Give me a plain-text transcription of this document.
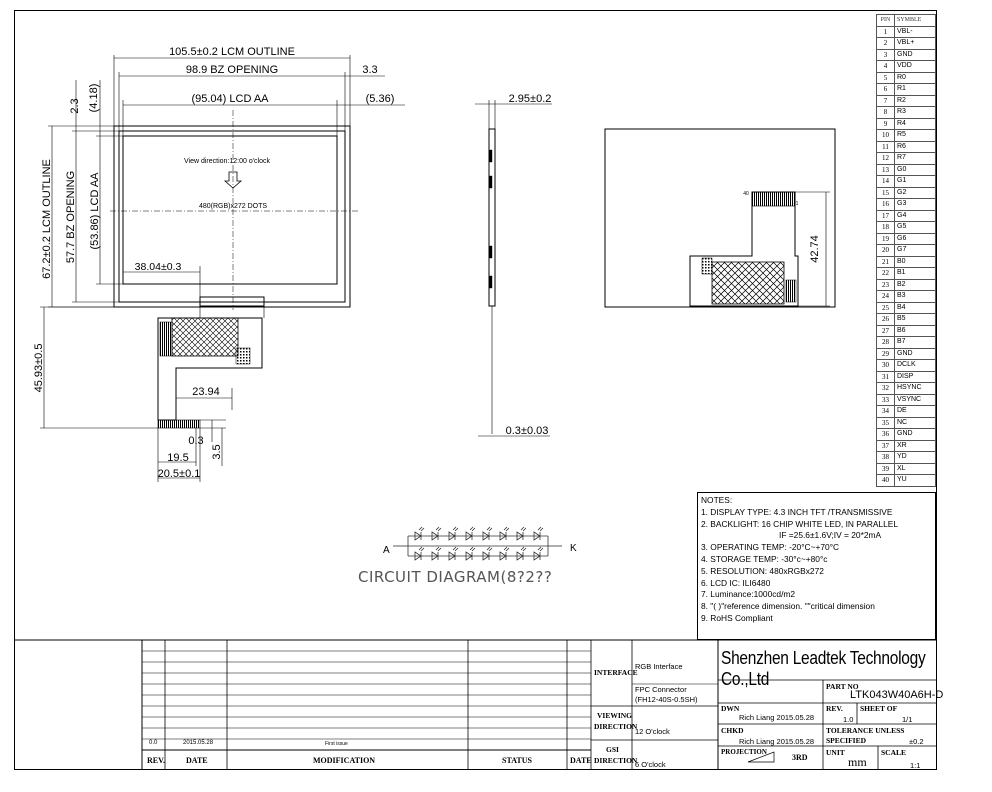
105.5±0.2 LCM OUTLINE
98.9 BZ OPENING	3.3
(95.04) LCD AA	(5.36)
2.3 (4.18)
67.2±0.2 LCM OUTLINE 57.7 BZ OPENING (53.86) LCD AA
38.04±0.3
View direction:12:00 o'clock
480(RGB)x272 DOTS
45.93±0.5	23.94
0.3
3.5
19.5
20.5±0.1
2.95±0.2
0.3±0.03
42.74
40
1
A	K
PIN	SYMBLE
1	VBL-
2	VBL+
3	GND
4	VDD
5	R0
6	R1
7	R2
8	R3
9	R4
10	R5
11	R6
12	R7
13	G0
14	G1
15	G2
16	G3
17	G4
18	G5
19	G6
20	G7
21	B0
22	B1
23	B2
24	B3
25	B4
26	B5
27	B6
28	B7
29	GND
30	DCLK
31	DISP
32	HSYNC
33	VSYNC
34	DE
35	NC
36	GND
37	XR
38	YD
39	XL
40	YU
NOTES:
1. DISPLAY TYPE: 4.3 INCH TFT /TRANSMISSIVE
2. BACKLIGHT: 16 CHIP WHITE LED, IN PARALLEL
IF =25.6±1.6V;IV = 20*2mA
3. OPERATING TEMP: -20°C~+70°C
4. STORAGE TEMP: -30°c~+80°c
5. RESOLUTION: 480xRGBx272
6. LCD IC: ILI6480
7. Luminance:1000cd/m2
8. "( )"reference dimension. ""critical dimension
9. RoHS Compliant
CIRCUIT DIAGRAM(8?2??
0.0	2015.05.28	First issue
REV.	DATE	MODIFICATION	STATUS	DATE
INTERFACE
RGB Interface
FPC Connector
(FH12-40S-0.5SH)
VIEWING
DIRECTION
12 O'clock
GSI
DIRECTION
6 O'clock
Shenzhen Leadtek Technology Co.,Ltd	PART NO
LTK043W40A6H-D
DWN
Rich Liang 2015.05.28
REV.
1.0
SHEET OF
1/1
CHKD
Rich Liang 2015.05.28
TOLERANCE UNLESS
SPECIFIED	±0.2
PROJECTION
3RD
UNIT
mm
SCALE
1:1
